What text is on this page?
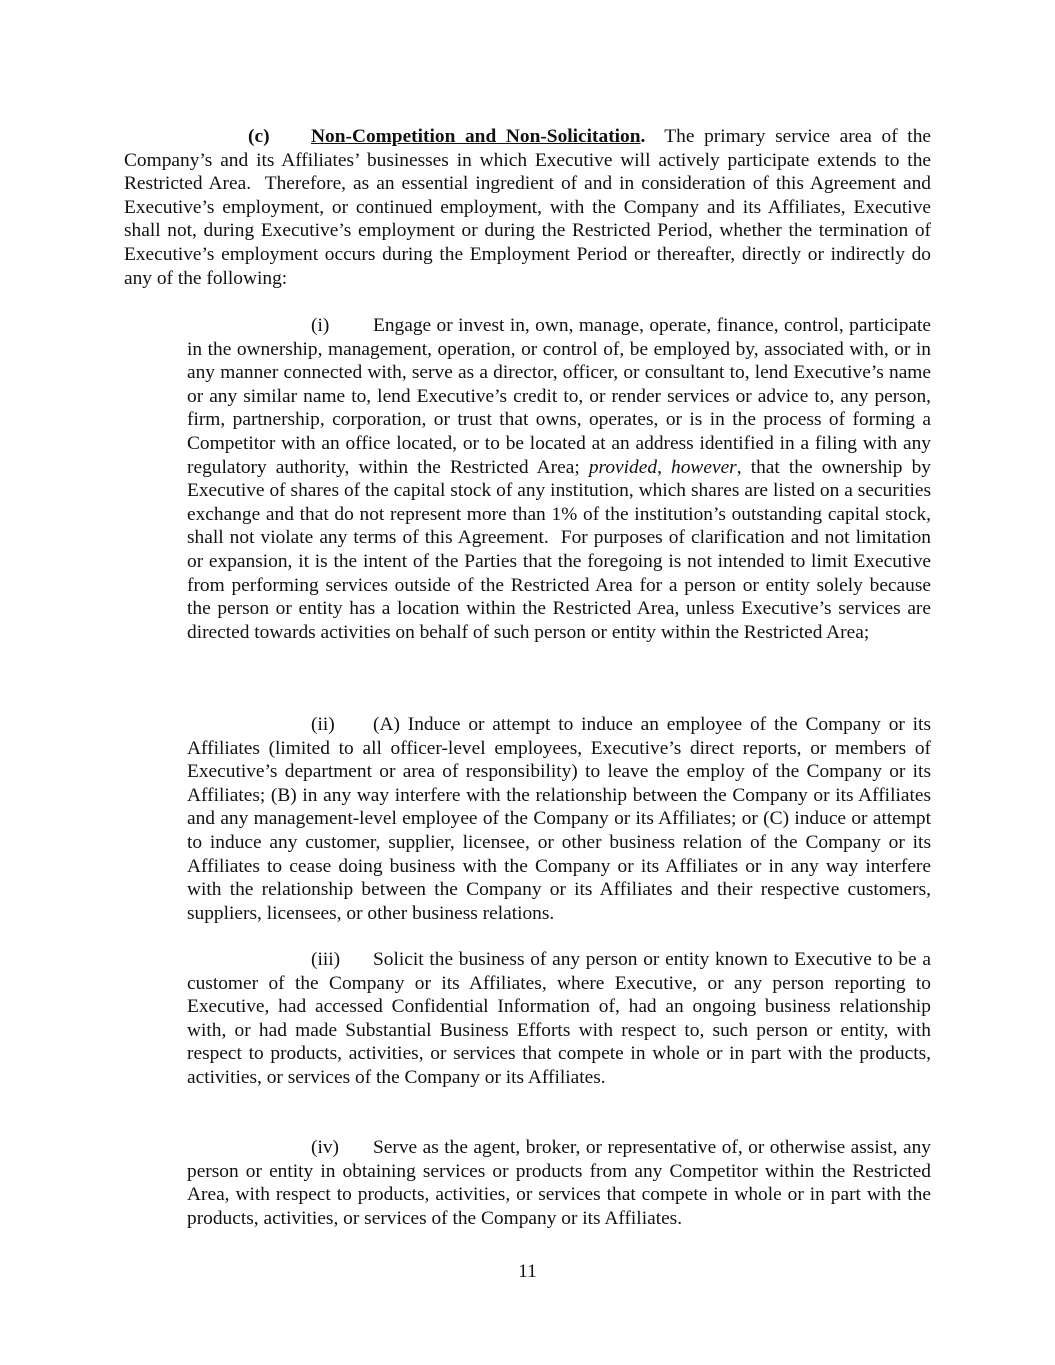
(c) Non-Competition and Non-Solicitation.  The primary service area of the Company’s and its Affiliates’ businesses in which Executive will actively participate extends to the Restricted Area.  Therefore, as an essential ingredient of and in consideration of this Agreement and Executive’s employment, or continued employment, with the Company and its Affiliates, Executive shall not, during Executive’s employment or during the Restricted Period, whether the termination of Executive’s employment occurs during the Employment Period or thereafter, directly or indirectly do any of the following:

(i) Engage or invest in, own, manage, operate, finance, control, participate in the ownership, management, operation, or control of, be employed by, associated with, or in any manner connected with, serve as a director, officer, or consultant to, lend Executive’s name or any similar name to, lend Executive’s credit to, or render services or advice to, any person, firm, partnership, corporation, or trust that owns, operates, or is in the process of forming a Competitor with an office located, or to be located at an address identified in a filing with any regulatory authority, within the Restricted Area; provided, however, that the ownership by Executive of shares of the capital stock of any institution, which shares are listed on a securities exchange and that do not represent more than 1% of the institution’s outstanding capital stock, shall not violate any terms of this Agreement.  For purposes of clarification and not limitation or expansion, it is the intent of the Parties that the foregoing is not intended to limit Executive from performing services outside of the Restricted Area for a person or entity solely because the person or entity has a location within the Restricted Area, unless Executive’s services are directed towards activities on behalf of such person or entity within the Restricted Area;

(ii) (A) Induce or attempt to induce an employee of the Company or its Affiliates (limited to all officer-level employees, Executive’s direct reports, or members of Executive’s department or area of responsibility) to leave the employ of the Company or its Affiliates; (B) in any way interfere with the relationship between the Company or its Affiliates and any management-level employee of the Company or its Affiliates; or (C) induce or attempt to induce any customer, supplier, licensee, or other business relation of the Company or its Affiliates to cease doing business with the Company or its Affiliates or in any way interfere with the relationship between the Company or its Affiliates and their respective customers, suppliers, licensees, or other business relations.

(iii) Solicit the business of any person or entity known to Executive to be a customer of the Company or its Affiliates, where Executive, or any person reporting to Executive, had accessed Confidential Information of, had an ongoing business relationship with, or had made Substantial Business Efforts with respect to, such person or entity, with respect to products, activities, or services that compete in whole or in part with the products, activities, or services of the Company or its Affiliates.

(iv) Serve as the agent, broker, or representative of, or otherwise assist, any person or entity in obtaining services or products from any Competitor within the Restricted Area, with respect to products, activities, or services that compete in whole or in part with the products, activities, or services of the Company or its Affiliates.

11
